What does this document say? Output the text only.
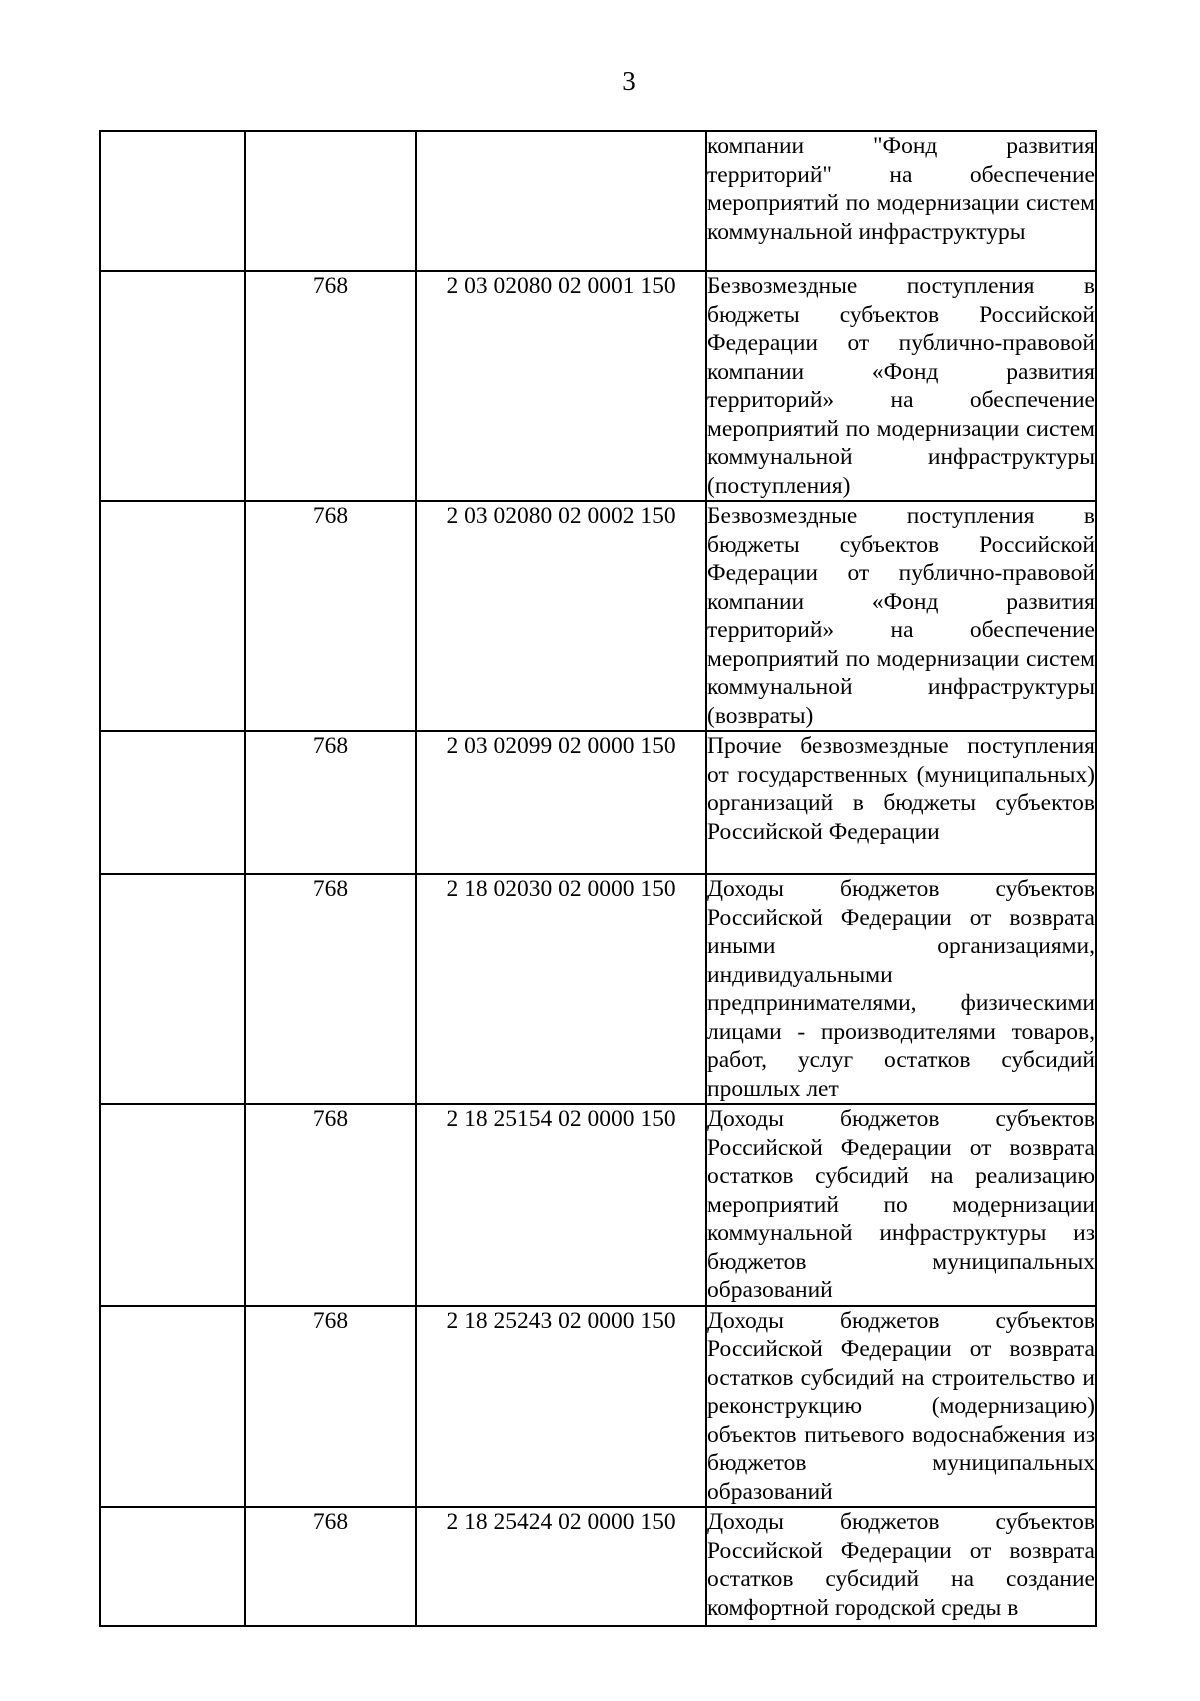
3
			компании "Фонд развития территорий" на обеспечение мероприятий по модернизации систем коммунальной инфраструктуры
	768	2 03 02080 02 0001 150	Безвозмездные поступления в бюджеты субъектов Российской Федерации от публично-правовой компании «Фонд развития территорий» на обеспечение мероприятий по модернизации систем коммунальной инфраструктуры (поступления)
	768	2 03 02080 02 0002 150	Безвозмездные поступления в бюджеты субъектов Российской Федерации от публично-правовой компании «Фонд развития территорий» на обеспечение мероприятий по модернизации систем коммунальной инфраструктуры (возвраты)
	768	2 03 02099 02 0000 150	Прочие безвозмездные поступления от государственных (муниципальных) организаций в бюджеты субъектов Российской Федерации
	768	2 18 02030 02 0000 150	Доходы бюджетов субъектов Российской Федерации от возврата иными организациями, индивидуальными предпринимателями, физическими лицами - производителями товаров, работ, услуг остатков субсидий прошлых лет
	768	2 18 25154 02 0000 150	Доходы бюджетов субъектов Российской Федерации от возврата остатков субсидий на реализацию мероприятий по модернизации коммунальной инфраструктуры из бюджетов муниципальных образований
	768	2 18 25243 02 0000 150	Доходы бюджетов субъектов Российской Федерации от возврата остатков субсидий на строительство и реконструкцию (модернизацию) объектов питьевого водоснабжения из бюджетов муниципальных образований
	768	2 18 25424 02 0000 150	Доходы бюджетов субъектов Российской Федерации от возврата остатков субсидий на создание комфортной городской среды в
